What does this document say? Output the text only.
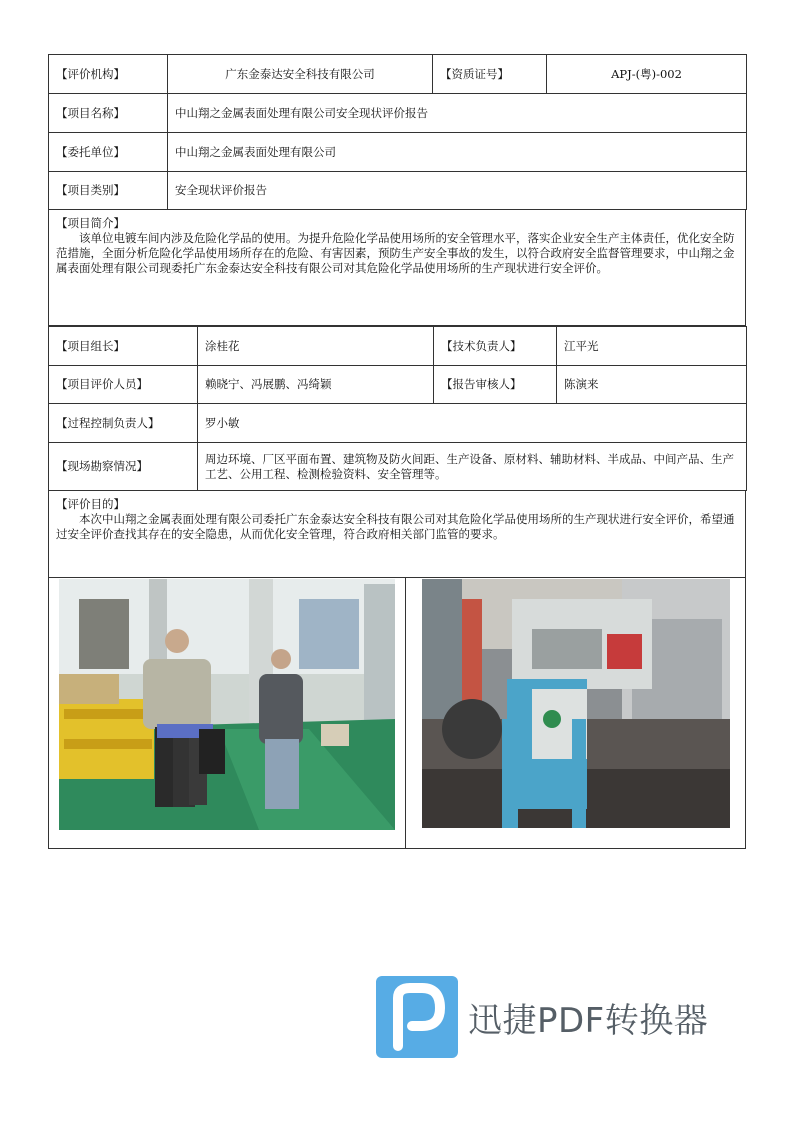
【评价机构】	广东金泰达安全科技有限公司	【资质证号】	APJ-(粤)-002
【项目名称】	中山翔之金属表面处理有限公司安全现状评价报告		
【委托单位】	中山翔之金属表面处理有限公司		
【项目类别】	安全现状评价报告		

【项目简介】

该单位电镀车间内涉及危险化学品的使用。为提升危险化学品使用场所的安全管理水平，落实企业安全生产主体责任，优化安全防范措施，全面分析危险化学品使用场所存在的危险、有害因素，预防生产安全事故的发生，以符合政府安全监督管理要求，中山翔之金属表面处理有限公司现委托广东金泰达安全科技有限公司对其危险化学品使用场所的生产现状进行安全评价。

【项目组长】	涂桂花	【技术负责人】	江平光
【项目评价人员】	赖晓宁、冯展鹏、冯绮颖	【报告审核人】	陈演来
【过程控制负责人】	罗小敏		
【现场勘察情况】	周边环境、厂区平面布置、建筑物及防火间距、生产设备、原材料、辅助材料、半成品、中间产品、生产工艺、公用工程、检测检验资料、安全管理等。		

【评价目的】

本次中山翔之金属表面处理有限公司委托广东金泰达安全科技有限公司对其危险化学品使用场所的生产现状进行安全评价，希望通过安全评价查找其存在的安全隐患，从而优化安全管理，符合政府相关部门监管的要求。

迅捷PDF转换器
